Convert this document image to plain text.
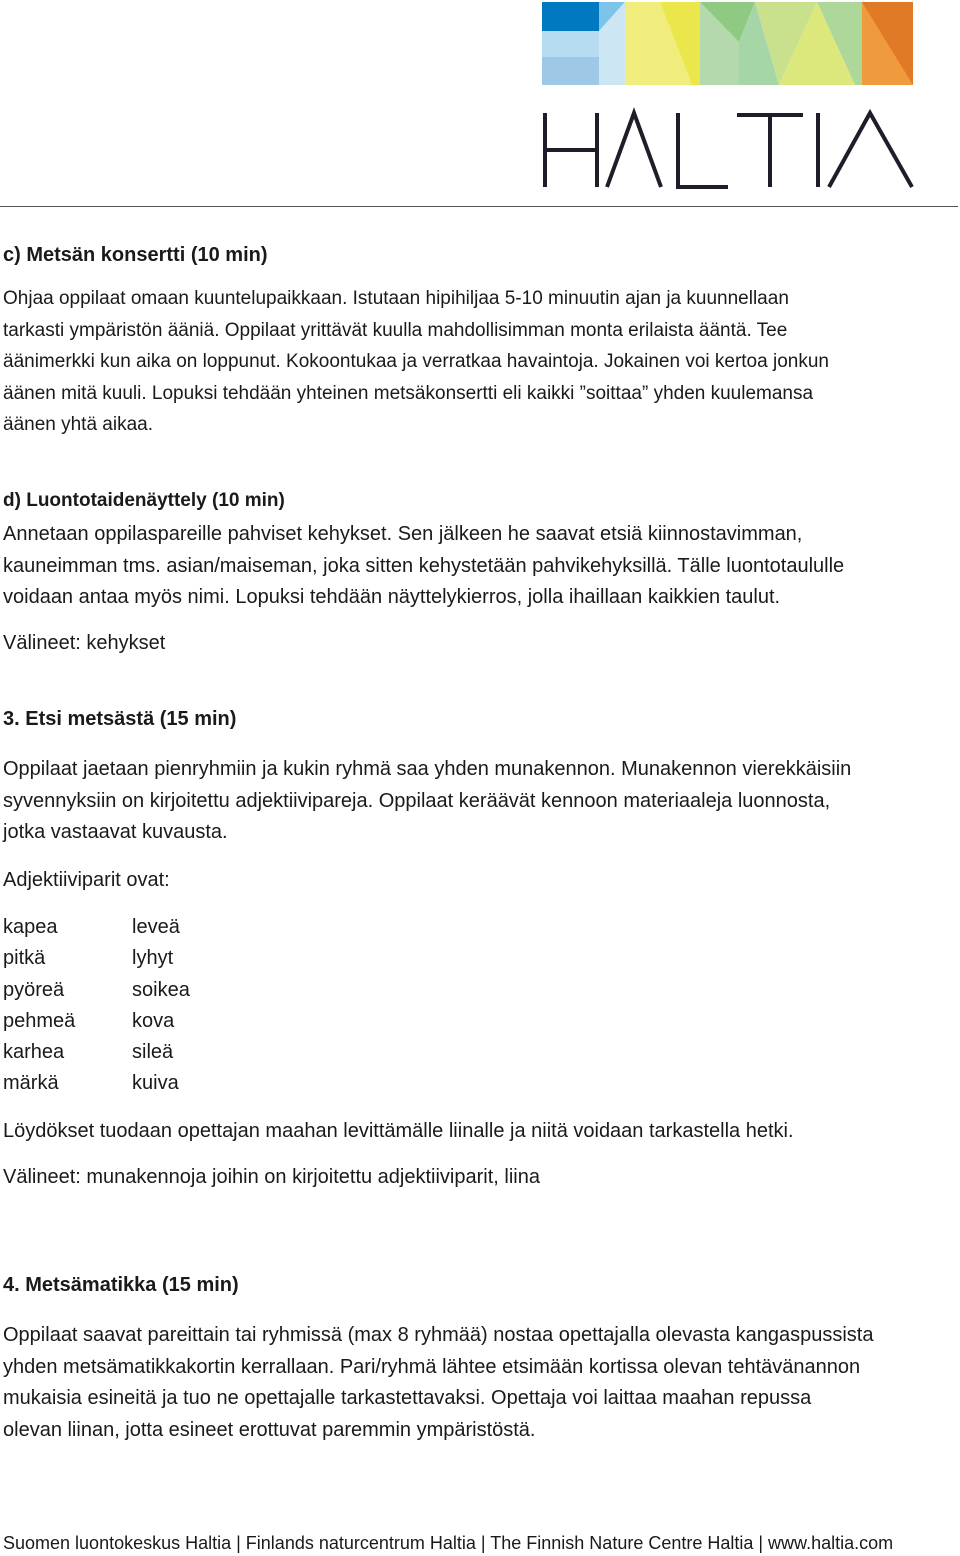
c) Metsän konsertti (10 min)

Ohjaa oppilaat omaan kuuntelupaikkaan. Istutaan hipihiljaa 5-10 minuutin ajan ja kuunnellaan

tarkasti ympäristön ääniä. Oppilaat yrittävät kuulla mahdollisimman monta erilaista ääntä. Tee

äänimerkki kun aika on loppunut. Kokoontukaa ja verratkaa havaintoja. Jokainen voi kertoa jonkun

äänen mitä kuuli. Lopuksi tehdään yhteinen metsäkonsertti eli kaikki ”soittaa” yhden kuulemansa

äänen yhtä aikaa.

d) Luontotaidenäyttely (10 min)

Annetaan oppilaspareille pahviset kehykset. Sen jälkeen he saavat etsiä kiinnostavimman,

kauneimman tms. asian/maiseman, joka sitten kehystetään pahvikehyksillä. Tälle luontotaululle

voidaan antaa myös nimi. Lopuksi tehdään näyttelykierros, jolla ihaillaan kaikkien taulut.

Välineet: kehykset

3. Etsi metsästä (15 min)

Oppilaat jaetaan pienryhmiin ja kukin ryhmä saa yhden munakennon. Munakennon vierekkäisiin

syvennyksiin on kirjoitettu adjektiivipareja. Oppilaat keräävät kennoon materiaaleja luonnosta,

jotka vastaavat kuvausta.

Adjektiiviparit ovat:

kapea	leveä
pitkä	lyhyt
pyöreä	soikea
pehmeä	kova
karhea	sileä
märkä	kuiva

Löydökset tuodaan opettajan maahan levittämälle liinalle ja niitä voidaan tarkastella hetki.

Välineet: munakennoja joihin on kirjoitettu adjektiiviparit, liina

4. Metsämatikka (15 min)

Oppilaat saavat pareittain tai ryhmissä (max 8 ryhmää) nostaa opettajalla olevasta kangaspussista

yhden metsämatikkakortin kerrallaan. Pari/ryhmä lähtee etsimään kortissa olevan tehtävänannon

mukaisia esineitä ja tuo ne opettajalle tarkastettavaksi. Opettaja voi laittaa maahan repussa

olevan liinan, jotta esineet erottuvat paremmin ympäristöstä.

Suomen luontokeskus Haltia | Finlands naturcentrum Haltia | The Finnish Nature Centre Haltia | www.haltia.com
